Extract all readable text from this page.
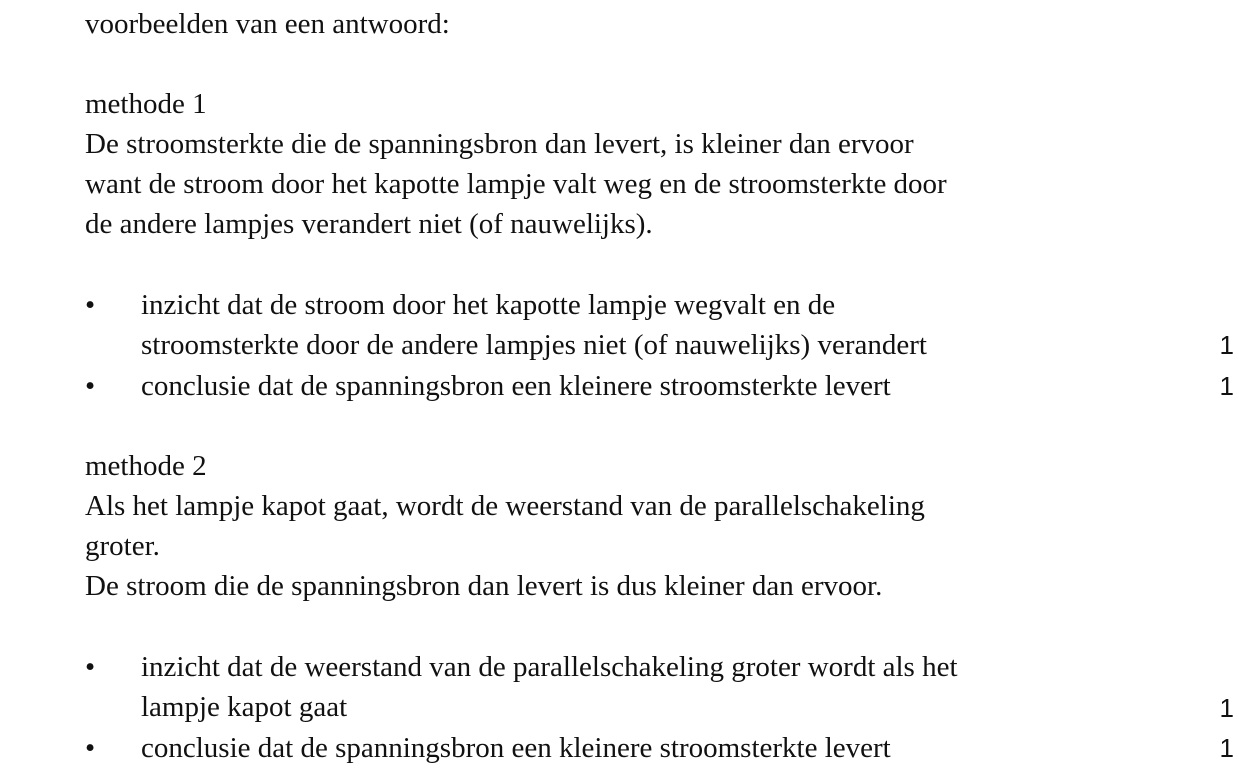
voorbeelden van een antwoord:
methode 1
De stroomsterkte die de spanningsbron dan levert, is kleiner dan ervoor
want de stroom door het kapotte lampje valt weg en de stroomsterkte door
de andere lampjes verandert niet (of nauwelijks).
• inzicht dat de stroom door het kapotte lampje wegvalt en de
stroomsterkte door de andere lampjes niet (of nauwelijks) verandert	1
• conclusie dat de spanningsbron een kleinere stroomsterkte levert	1
methode 2
Als het lampje kapot gaat, wordt de weerstand van de parallelschakeling
groter.
De stroom die de spanningsbron dan levert is dus kleiner dan ervoor.
• inzicht dat de weerstand van de parallelschakeling groter wordt als het
lampje kapot gaat	1
• conclusie dat de spanningsbron een kleinere stroomsterkte levert	1
